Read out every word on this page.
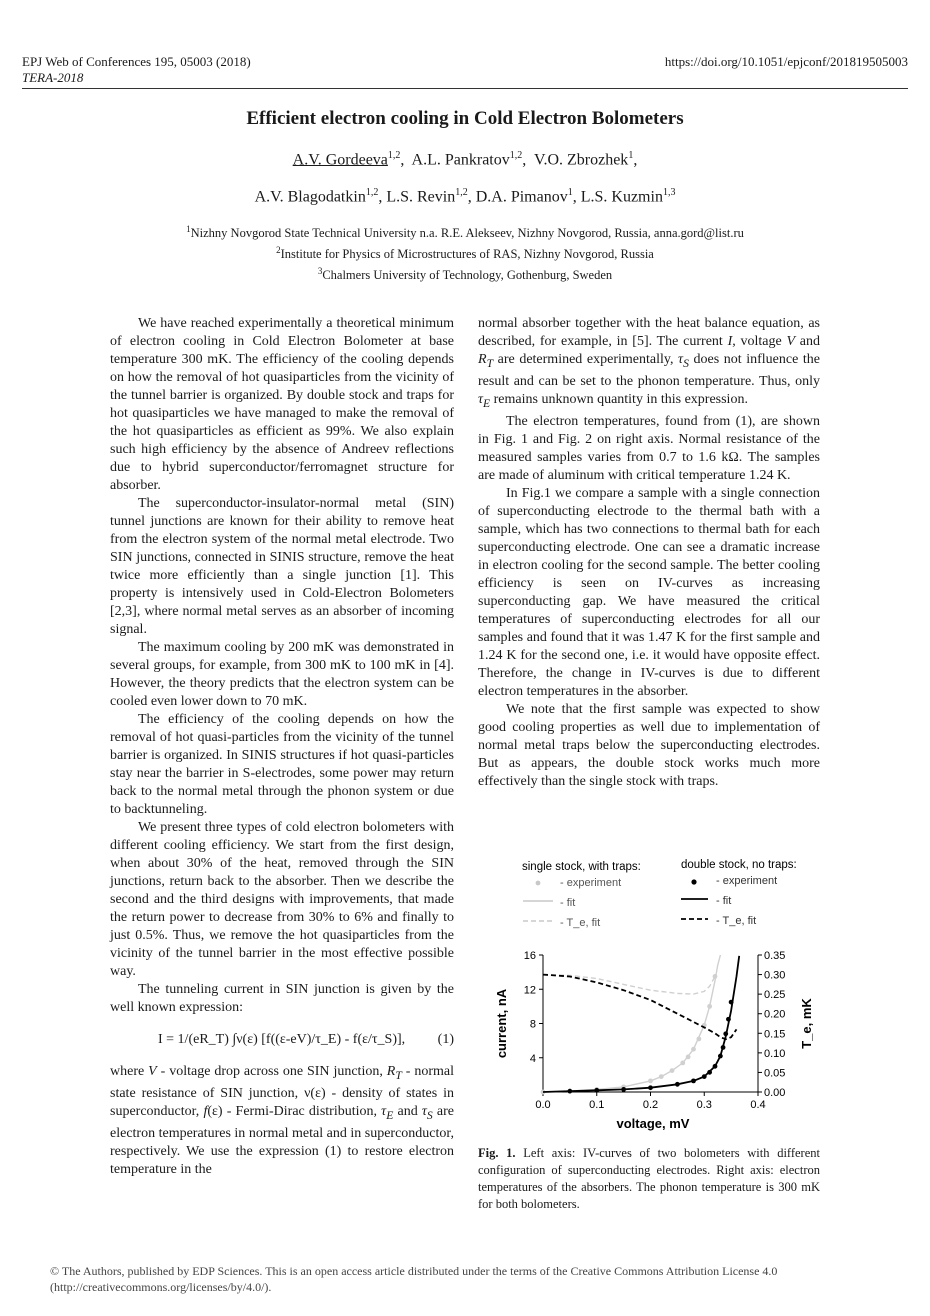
EPJ Web of Conferences 195, 05003 (2018)
TERA-2018
https://doi.org/10.1051/epjconf/201819505003
Efficient electron cooling in Cold Electron Bolometers
A.V. Gordeeva$^{1,2}$,  A.L. Pankratov$^{1,2}$,  V.O. Zbrozhek$^1$,
A.V. Blagodatkin$^{1,2}$, L.S. Revin$^{1,2}$, D.A. Pimanov$^1$, L.S. Kuzmin$^{1,3}$
$^1$Nizhny Novgorod State Technical University n.a. R.E. Alekseev, Nizhny Novgorod, Russia, anna.gord@list.ru
$^2$Institute for Physics of Microstructures of RAS, Nizhny Novgorod, Russia
$^3$Chalmers University of Technology, Gothenburg, Sweden

We have reached experimentally a theoretical minimum of electron cooling in Cold Electron Bolometer at base temperature 300 mK. The efficiency of the cooling depends on how the removal of hot quasiparticles from the vicinity of the tunnel barrier is organized. By double stock and traps for hot quasiparticles we have managed to make the removal of the hot quasiparticles as efficient as 99%. We also explain such high efficiency by the absence of Andreev reflections due to hybrid superconductor/ferromagnet structure for absorber.

The superconductor-insulator-normal metal (SIN) tunnel junctions are known for their ability to remove heat from the electron system of the normal metal electrode. Two SIN junctions, connected in SINIS structure, remove the heat twice more efficiently than a single junction [1]. This property is intensively used in Cold-Electron Bolometers [2,3], where normal metal serves as an absorber of incoming signal.

The maximum cooling by 200 mK was demonstrated in several groups, for example, from 300 mK to 100 mK in [4]. However, the theory predicts that the electron system can be cooled even lower down to 70 mK.

The efficiency of the cooling depends on how the removal of hot quasi-particles from the vicinity of the tunnel barrier is organized. In SINIS structures if hot quasi-particles stay near the barrier in S-electrodes, some power may return back to the normal metal through the phonon system or due to backtunneling.

We present three types of cold electron bolometers with different cooling efficiency. We start from the first design, when about 30% of the heat, removed through the SIN junctions, return back to the absorber. Then we describe the second and the third designs with improvements, that made the return power to decrease from 30% to 6% and finally to just 0.5%. Thus, we remove the hot quasiparticles from the vicinity of the tunnel barrier in the most effective possible way.

The tunneling current in SIN junction is given by the well known expression:

I = 1/(eR_T) ∫ν(ε) [f((ε-eV)/τ_E) - f(ε/τ_S)], (1)

where V - voltage drop across one SIN junction, $R_T$ - normal state resistance of SIN junction, ν(ε) - density of states in superconductor, f(ε) - Fermi-Dirac distribution, $\tau_E$ and $\tau_S$ are electron temperatures in normal metal and in superconductor, respectively. We use the expression (1) to restore electron temperature in the

normal absorber together with the heat balance equation, as described, for example, in [5]. The current I, voltage V and $R_T$ are determined experimentally, $\tau_S$ does not influence the result and can be set to the phonon temperature. Thus, only $\tau_E$ remains unknown quantity in this expression.

The electron temperatures, found from (1), are shown in Fig. 1 and Fig. 2 on right axis. Normal resistance of the measured samples varies from 0.7 to 1.6 kΩ. The samples are made of aluminum with critical temperature 1.24 K.

In Fig.1 we compare a sample with a single connection of superconducting electrode to the thermal bath with a sample, which has two connections to thermal bath for each superconducting electrode. One can see a dramatic increase in electron cooling for the second sample. The better cooling efficiency is seen on IV-curves as increasing superconducting gap. We have measured the critical temperatures of superconducting electrodes for all our samples and found that it was 1.47 K for the first sample and 1.24 K for the second one, i.e. it would have opposite effect. Therefore, the change in IV-curves is due to different electron temperatures in the absorber.

We note that the first sample was expected to show good cooling properties as well due to implementation of normal metal traps below the superconducting electrodes. But as appears, the double stock works much more effectively than the single stock with traps.

0.0	0.1	0.2	0.3	0.4
4
8
12
16
0.00
0.05
0.10
0.15
0.20
0.25
0.30
0.35
voltage, mV
current, nA	T_e, mK
single stock, with traps:	double stock, no traps:
- experiment
- fit
- T_e, fit
- experiment
- fit
- T_e, fit
Fig. 1. Left axis: IV-curves of two bolometers with different configuration of superconducting electrodes. Right axis: electron temperatures of the absorbers. The phonon temperature is 300 mK for both bolometers.
© The Authors, published by EDP Sciences. This is an open access article distributed under the terms of the Creative Commons Attribution License 4.0
(http://creativecommons.org/licenses/by/4.0/).
